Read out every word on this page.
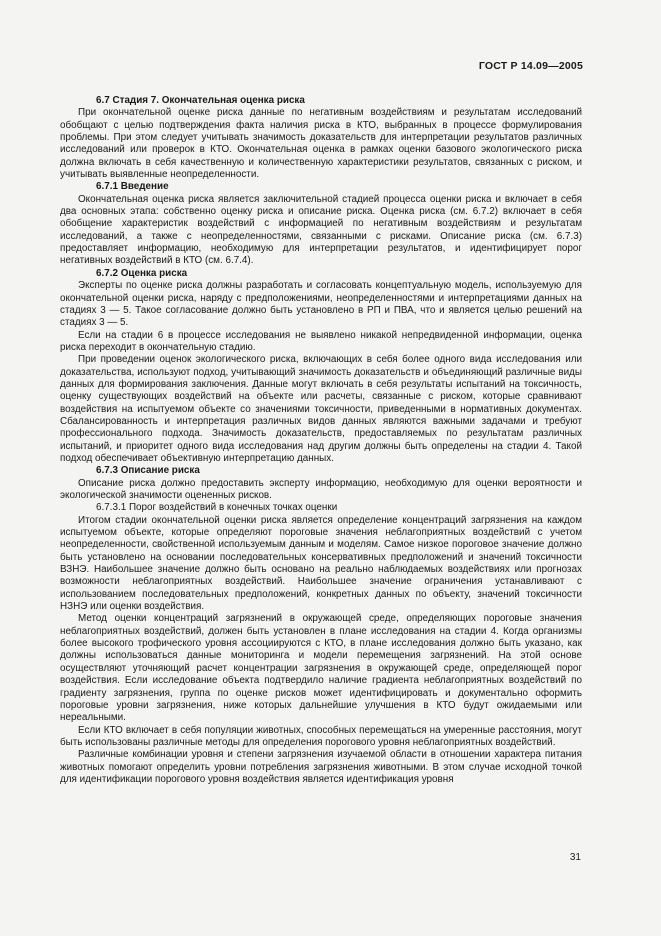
ГОСТ Р 14.09—2005

6.7 Стадия 7. Окончательная оценка риска

При окончательной оценке риска данные по негативным воздействиям и результатам исследований обобщают с целью подтверждения факта наличия риска в КТО, выбранных в процессе формулирования проблемы. При этом следует учитывать значимость доказательств для интерпретации результатов различных исследований или проверок в КТО. Окончательная оценка в рамках оценки базового экологического риска должна включать в себя качественную и количественную характеристики результатов, связанных с риском, и учитывать выявленные неопределенности.

6.7.1 Введение

Окончательная оценка риска является заключительной стадией процесса оценки риска и включает в себя два основных этапа: собственно оценку риска и описание риска. Оценка риска (см. 6.7.2) включает в себя обобщение характеристик воздействий с информацией по негативным воздействиям и результатам исследований, а также с неопределенностями, связанными с рисками. Описание риска (см. 6.7.3) предоставляет информацию, необходимую для интерпретации результатов, и идентифицирует порог негативных воздействий в КТО (см. 6.7.4).

6.7.2 Оценка риска

Эксперты по оценке риска должны разработать и согласовать концептуальную модель, используемую для окончательной оценки риска, наряду с предположениями, неопределенностями и интерпретациями данных на стадиях 3 — 5. Такое согласование должно быть установлено в РП и ПВА, что и является целью решений на стадиях 3 — 5.

Если на стадии 6 в процессе исследования не выявлено никакой непредвиденной информации, оценка риска переходит в окончательную стадию.

При проведении оценок экологического риска, включающих в себя более одного вида исследования или доказательства, используют подход, учитывающий значимость доказательств и объединяющий различные виды данных для формирования заключения. Данные могут включать в себя результаты испытаний на токсичность, оценку существующих воздействий на объекте или расчеты, связанные с риском, которые сравнивают воздействия на испытуемом объекте со значениями токсичности, приведенными в нормативных документах. Сбалансированность и интерпретация различных видов данных являются важными задачами и требуют профессионального подхода. Значимость доказательств, предоставляемых по результатам различных испытаний, и приоритет одного вида исследования над другим должны быть определены на стадии 4. Такой подход обеспечивает объективную интерпретацию данных.

6.7.3 Описание риска

Описание риска должно предоставить эксперту информацию, необходимую для оценки вероятности и экологической значимости оцененных рисков.

6.7.3.1 Порог воздействий в конечных точках оценки

Итогом стадии окончательной оценки риска является определение концентраций загрязнения на каждом испытуемом объекте, которые определяют пороговые значения неблагоприятных воздействий с учетом неопределенности, свойственной используемым данным и моделям. Самое низкое пороговое значение должно быть установлено на основании последовательных консервативных предположений и значений токсичности ВЗНЭ. Наибольшее значение должно быть основано на реально наблюдаемых воздействиях или прогнозах возможности неблагоприятных воздействий. Наибольшее значение ограничения устанавливают с использованием последовательных предположений, конкретных данных по объекту, значений токсичности НЗНЭ или оценки воздействия.

Метод оценки концентраций загрязнений в окружающей среде, определяющих пороговые значения неблагоприятных воздействий, должен быть установлен в плане исследования на стадии 4. Когда организмы более высокого трофического уровня ассоциируются с КТО, в плане исследования должно быть указано, как должны использоваться данные мониторинга и модели перемещения загрязнений. На этой основе осуществляют уточняющий расчет концентрации загрязнения в окружающей среде, определяющей порог воздействия. Если исследование объекта подтвердило наличие градиента неблагоприятных воздействий по градиенту загрязнения, группа по оценке рисков может идентифицировать и документально оформить пороговые уровни загрязнения, ниже которых дальнейшие улучшения в КТО будут ожидаемыми или нереальными.

Если КТО включает в себя популяции животных, способных перемещаться на умеренные расстояния, могут быть использованы различные методы для определения порогового уровня неблагоприятных воздействий.

Различные комбинации уровня и степени загрязнения изучаемой области в отношении характера питания животных помогают определить уровни потребления загрязнения животными. В этом случае исходной точкой для идентификации порогового уровня воздействия является идентификация уровня

31
